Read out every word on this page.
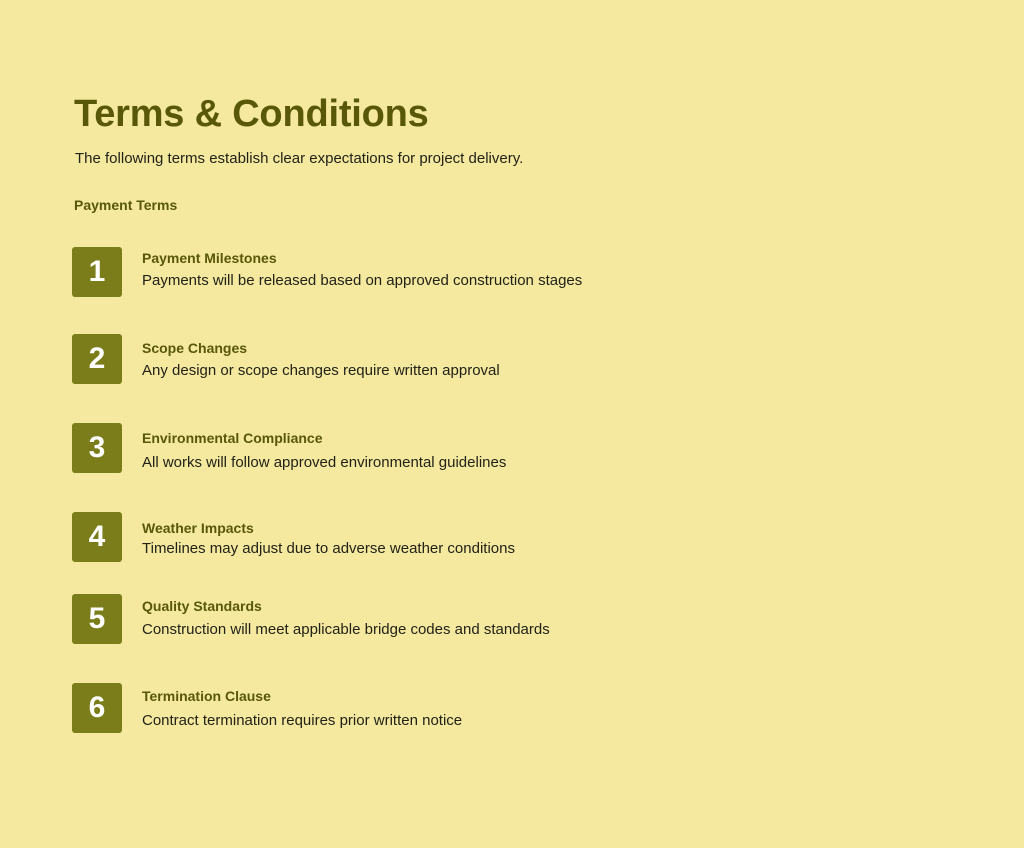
Terms & Conditions

The following terms establish clear expectations for project delivery.

Payment Terms
1	Payment Milestones

Payments will be released based on approved construction stages

2	Scope Changes

Any design or scope changes require written approval

3	Environmental Compliance

All works will follow approved environmental guidelines

4	Weather Impacts

Timelines may adjust due to adverse weather conditions

5	Quality Standards

Construction will meet applicable bridge codes and standards

6	Termination Clause

Contract termination requires prior written notice
